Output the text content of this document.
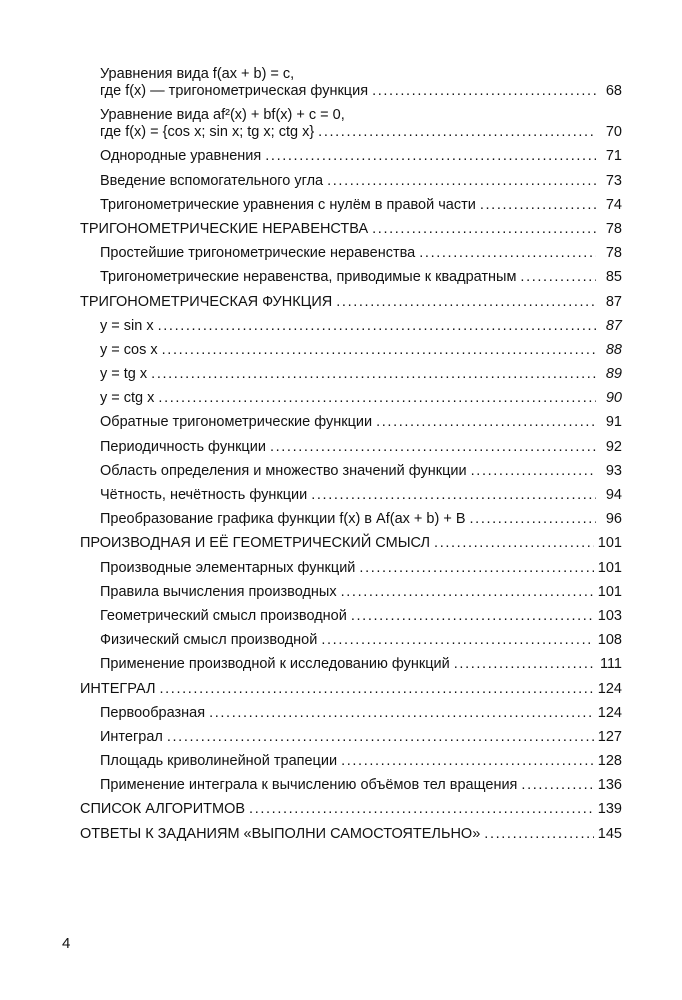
Уравнения вида f(ax + b) = c,
где f(x) — тригонометрическая функция . . .	68
Уравнение вида af²(x) + bf(x) + c = 0,
где f(x) = {cos x; sin x; tg x; ctg x} . . .	70
Однородные уравнения . . .	71
Введение вспомогательного угла . . .	73
Тригонометрические уравнения с нулём в правой части . . .	74
ТРИГОНОМЕТРИЧЕСКИЕ НЕРАВЕНСТВА . . .	78
Простейшие тригонометрические неравенства . . .	78
Тригонометрические неравенства, приводимые к квадратным . . .	85
ТРИГОНОМЕТРИЧЕСКАЯ ФУНКЦИЯ . . .	87
y = sin x . . .	87
y = cos x . . .	88
y = tg x . . .	89
y = ctg x . . .	90
Обратные тригонометрические функции . . .	91
Периодичность функции . . .	92
Область определения и множество значений функции . . .	93
Чётность, нечётность функции . . .	94
Преобразование графика функции f(x) в Af(ax + b) + B . . .	96
ПРОИЗВОДНАЯ И ЕЁ ГЕОМЕТРИЧЕСКИЙ СМЫСЛ . . .	101
Производные элементарных функций . . .	101
Правила вычисления производных . . .	101
Геометрический смысл производной . . .	103
Физический смысл производной . . .	108
Применение производной к исследованию функций . . .	111
ИНТЕГРАЛ . . .	124
Первообразная . . .	124
Интеграл . . .	127
Площадь криволинейной трапеции . . .	128
Применение интеграла к вычислению объёмов тел вращения . . .	136
СПИСОК АЛГОРИТМОВ . . .	139
ОТВЕТЫ К ЗАДАНИЯМ «ВЫПОЛНИ САМОСТОЯТЕЛЬНО» . . .	145
4
